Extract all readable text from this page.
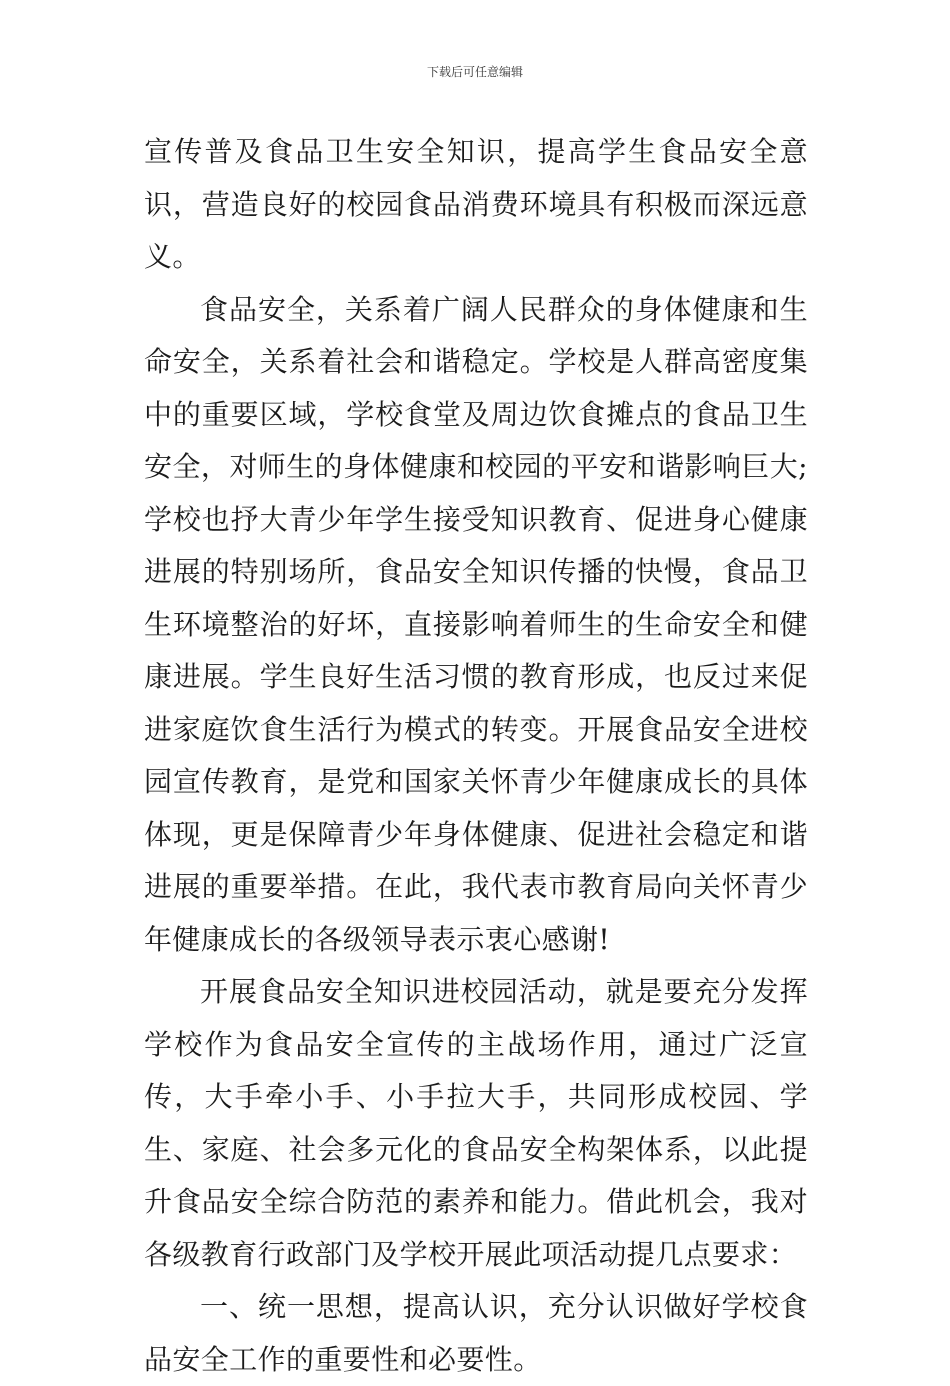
下载后可任意编辑

宣传普及食品卫生安全知识，提高学生食品安全意识，营造良好的校园食品消费环境具有积极而深远意义。

食品安全，关系着广阔人民群众的身体健康和生命安全，关系着社会和谐稳定。学校是人群高密度集中的重要区域，学校食堂及周边饮食摊点的食品卫生安全，对师生的身体健康和校园的平安和谐影响巨大;学校也抒大青少年学生接受知识教育、促进身心健康进展的特别场所，食品安全知识传播的快慢，食品卫生环境整治的好坏，直接影响着师生的生命安全和健康进展。学生良好生活习惯的教育形成，也反过来促进家庭饮食生活行为模式的转变。开展食品安全进校园宣传教育，是党和国家关怀青少年健康成长的具体体现，更是保障青少年身体健康、促进社会稳定和谐进展的重要举措。在此，我代表市教育局向关怀青少年健康成长的各级领导表示衷心感谢!

开展食品安全知识进校园活动，就是要充分发挥学校作为食品安全宣传的主战场作用，通过广泛宣传，大手牵小手、小手拉大手，共同形成校园、学生、家庭、社会多元化的食品安全构架体系，以此提升食品安全综合防范的素养和能力。借此机会，我对各级教育行政部门及学校开展此项活动提几点要求：

一、统一思想，提高认识，充分认识做好学校食品安全工作的重要性和必要性。
